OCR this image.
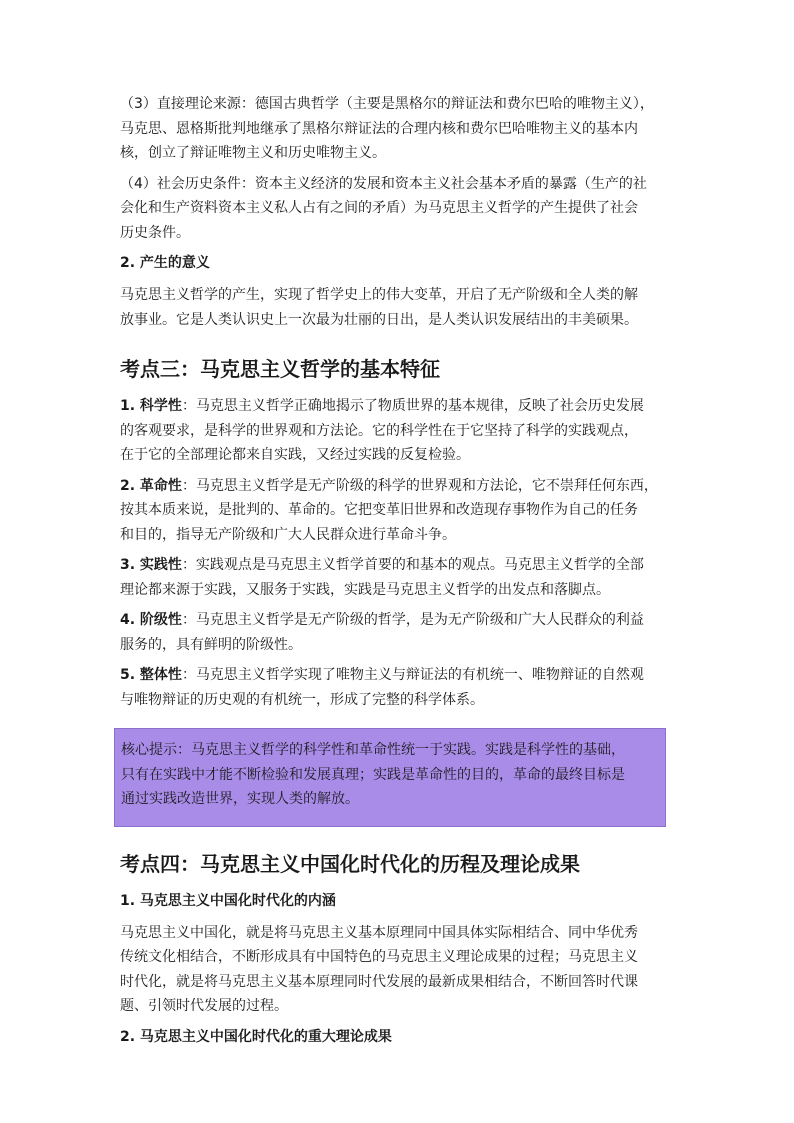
（3）直接理论来源：德国古典哲学（主要是黑格尔的辩证法和费尔巴哈的唯物主义），
马克思、恩格斯批判地继承了黑格尔辩证法的合理内核和费尔巴哈唯物主义的基本内
核，创立了辩证唯物主义和历史唯物主义。

（4）社会历史条件：资本主义经济的发展和资本主义社会基本矛盾的暴露（生产的社
会化和生产资料资本主义私人占有之间的矛盾）为马克思主义哲学的产生提供了社会
历史条件。

2. 产生的意义

马克思主义哲学的产生，实现了哲学史上的伟大变革，开启了无产阶级和全人类的解
放事业。它是人类认识史上一次最为壮丽的日出，是人类认识发展结出的丰美硕果。

考点三：马克思主义哲学的基本特征

1. 科学性：马克思主义哲学正确地揭示了物质世界的基本规律，反映了社会历史发展
的客观要求，是科学的世界观和方法论。它的科学性在于它坚持了科学的实践观点，
在于它的全部理论都来自实践，又经过实践的反复检验。

2. 革命性：马克思主义哲学是无产阶级的科学的世界观和方法论，它不崇拜任何东西，
按其本质来说，是批判的、革命的。它把变革旧世界和改造现存事物作为自己的任务
和目的，指导无产阶级和广大人民群众进行革命斗争。

3. 实践性：实践观点是马克思主义哲学首要的和基本的观点。马克思主义哲学的全部
理论都来源于实践，又服务于实践，实践是马克思主义哲学的出发点和落脚点。

4. 阶级性：马克思主义哲学是无产阶级的哲学，是为无产阶级和广大人民群众的利益
服务的，具有鲜明的阶级性。

5. 整体性：马克思主义哲学实现了唯物主义与辩证法的有机统一、唯物辩证的自然观
与唯物辩证的历史观的有机统一，形成了完整的科学体系。

核心提示：马克思主义哲学的科学性和革命性统一于实践。实践是科学性的基础，
只有在实践中才能不断检验和发展真理；实践是革命性的目的，革命的最终目标是
通过实践改造世界，实现人类的解放。
考点四：马克思主义中国化时代化的历程及理论成果
1. 马克思主义中国化时代化的内涵

马克思主义中国化，就是将马克思主义基本原理同中国具体实际相结合、同中华优秀
传统文化相结合，不断形成具有中国特色的马克思主义理论成果的过程；马克思主义
时代化，就是将马克思主义基本原理同时代发展的最新成果相结合，不断回答时代课
题、引领时代发展的过程。

2. 马克思主义中国化时代化的重大理论成果
